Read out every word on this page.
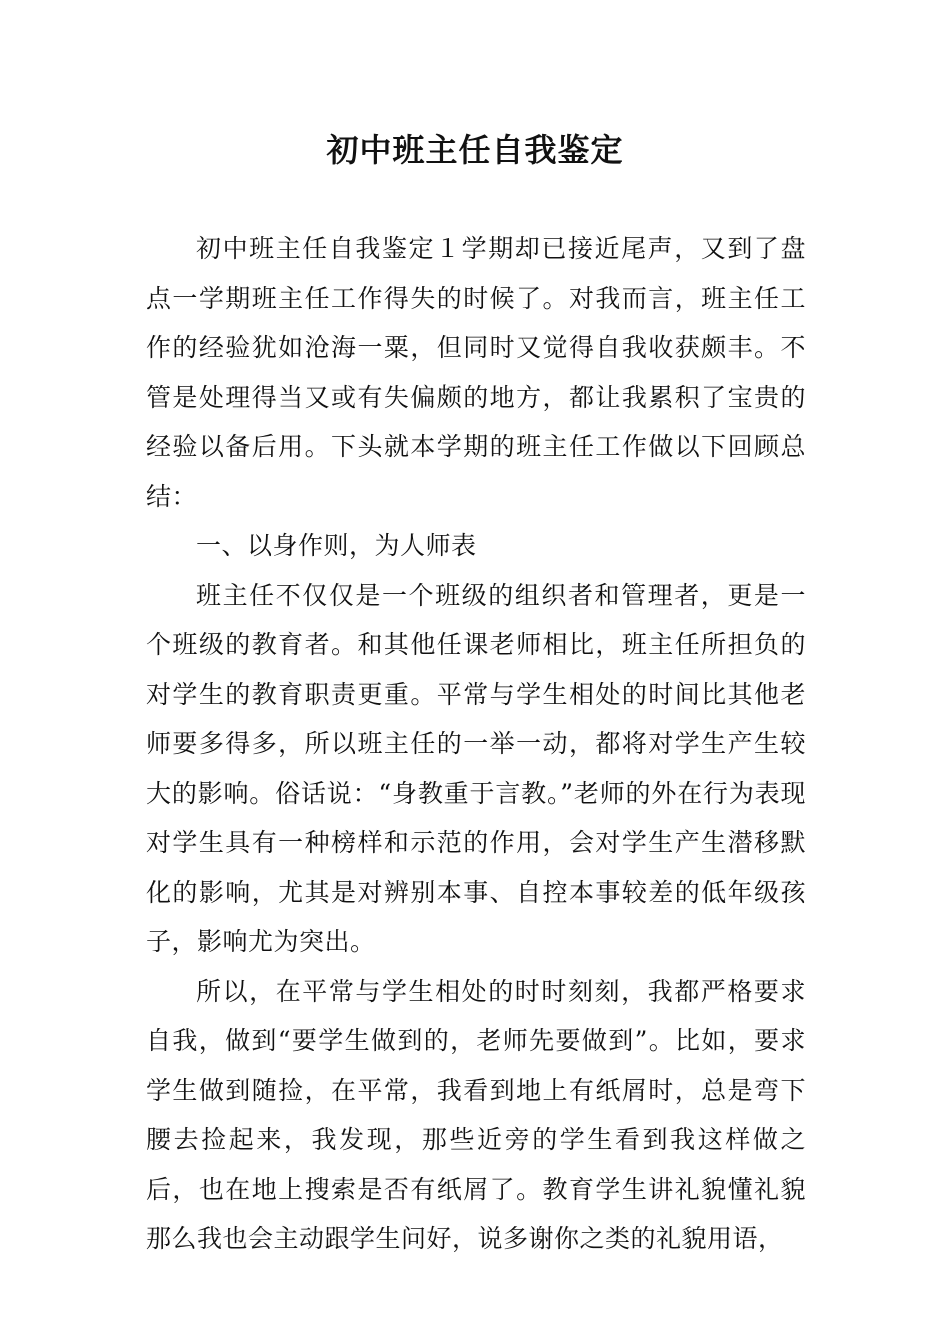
初中班主任自我鉴定

初中班主任自我鉴定１学期却已接近尾声，又到了盘点一学期班主任工作得失的时候了。对我而言，班主任工作的经验犹如沧海一粟，但同时又觉得自我收获颇丰。不管是处理得当又或有失偏颇的地方，都让我累积了宝贵的经验以备后用。下头就本学期的班主任工作做以下回顾总结：

一、以身作则，为人师表

班主任不仅仅是一个班级的组织者和管理者，更是一个班级的教育者。和其他任课老师相比，班主任所担负的对学生的教育职责更重。平常与学生相处的时间比其他老师要多得多，所以班主任的一举一动，都将对学生产生较大的影响。俗话说：“身教重于言教。”老师的外在行为表现对学生具有一种榜样和示范的作用，会对学生产生潜移默化的影响，尤其是对辨别本事、自控本事较差的低年级孩子，影响尤为突出。

所以，在平常与学生相处的时时刻刻，我都严格要求自我，做到“要学生做到的，老师先要做到”。比如，要求学生做到随捡，在平常，我看到地上有纸屑时，总是弯下腰去捡起来，我发现，那些近旁的学生看到我这样做之后，也在地上搜索是否有纸屑了。教育学生讲礼貌懂礼貌那么我也会主动跟学生问好，说多谢你之类的礼貌用语，
